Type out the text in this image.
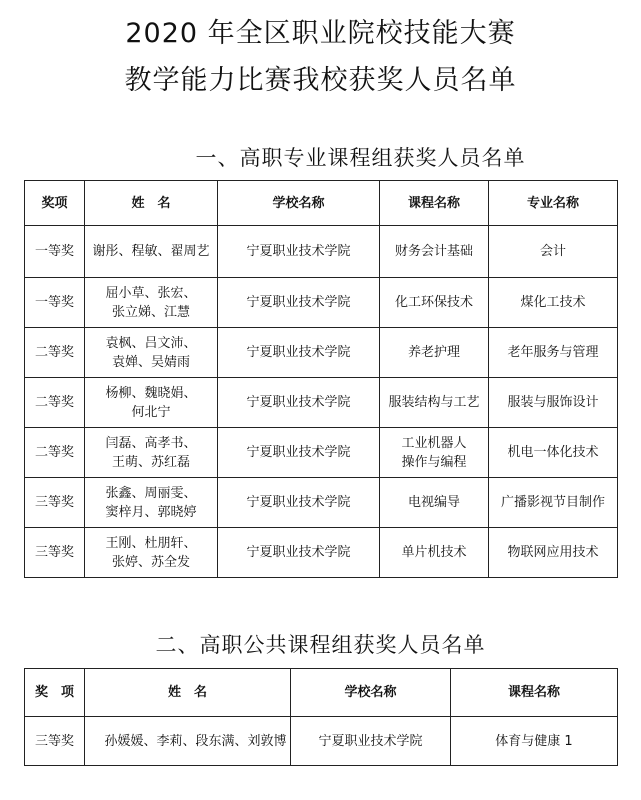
2020 年全区职业院校技能大赛
教学能力比赛我校获奖人员名单
一、高职专业课程组获奖人员名单
奖项	姓　名	学校名称	课程名称	专业名称
一等奖	谢彤、程敏、翟周艺	宁夏职业技术学院	财务会计基础	会计
一等奖	屈小草、张宏、
张立娣、江慧	宁夏职业技术学院	化工环保技术	煤化工技术
二等奖	袁枫、吕文沛、
袁婵、吴婧雨	宁夏职业技术学院	养老护理	老年服务与管理
二等奖	杨柳、魏晓娟、
何北宁	宁夏职业技术学院	服装结构与工艺	服装与服饰设计
二等奖	闫磊、高孝书、
王萌、苏红磊	宁夏职业技术学院	工业机器人
操作与编程	机电一体化技术
三等奖	张鑫、周丽雯、
窦梓月、郭晓婷	宁夏职业技术学院	电视编导	广播影视节目制作
三等奖	王刚、杜朋轩、
张婷、苏全发	宁夏职业技术学院	单片机技术	物联网应用技术
二、高职公共课程组获奖人员名单
奖　项	姓　名	学校名称	课程名称
三等奖	孙媛媛、李莉、段东满、刘敦博	宁夏职业技术学院	体育与健康 1
